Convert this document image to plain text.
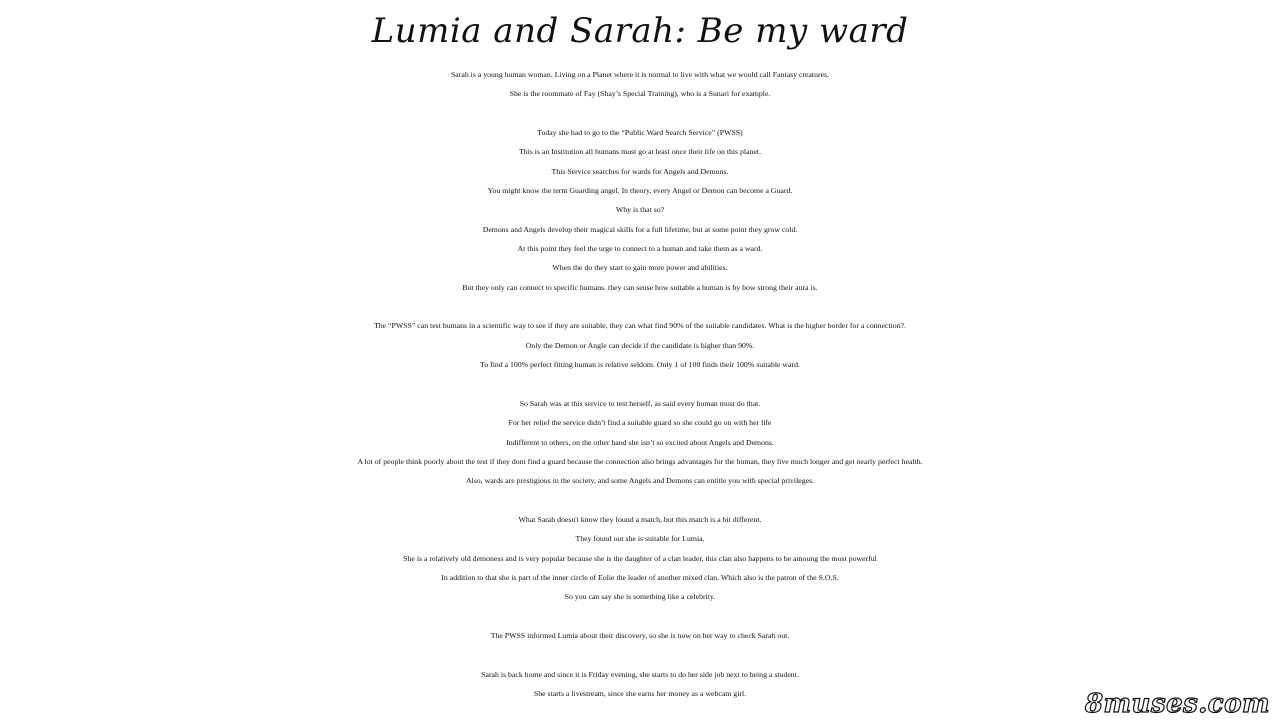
Lumia and Sarah: Be my ward
Sarah is a young human woman. Living on a Planet where it is normal to live with what we would call Fantasy creatures.
She is the roommate of Fay (Shay’s Special Training), who is a Sunari for example.
Today she had to go to the “Public Ward Search Service” (PWSS)
This is an Institution all humans must go at least once their life on this planet.
This Service searches for wards for Angels and Demons.
You might know the term Guarding angel. In theory, every Angel or Demon can become a Guard.
Why is that so?
Demons and Angels develop their magical skills for a full lifetime, but at some point they grow cold.
At this point they feel the urge to connect to a human and take them as a ward.
When the do they start to gain more power and abilities.
But they only can connect to specific humans. they can sense how suitable a human is by how strong their aura is.
The “PWSS” can test humans in a scientific way to see if they are suitable, they can what find 90% of the suitable candidates. What is the higher border for a connection?.
Only the Demon or Angle can decide if the candidate is higher than 90%.
To find a 100% perfect fitting human is relative seldom. Only 1 of 100 finds their 100% suitable ward.
So Sarah was at this service to test herself, as said every human must do that.
For her relief the service didn’t find a suitable guard so she could go on with her life
Indifferent to others, on the other hand she isn’t so excited about Angels and Demons.
A lot of people think poorly about the test if they dont find a guard because the connection also brings advantages for the human, they live much longer and get nearly perfect health.
Also, wards are prestigious in the society, and some Angels and Demons can entitle you with special privileges.
What Sarah doesn't know they found a match, but this match is a bit different.
They found out she is suitable for Lumia.
She is a relatively old demoness and is very popular because she is the daughter of a clan leader, this clan also happens to be amoung the most powerful
In addition to that she is part of the inner circle of Eolie the leader of another mixed clan. Which also is the patron of the S.O.S.
So you can say she is something like a celebrity.
The PWSS informed Lumia about their discovery, so she is now on her way to check Sarah out.
Sarah is back home and since it is Friday evening, she starts to do her side job next to being a student.
She starts a livestream, since she earns her money as a webcam girl.	8muses.com
